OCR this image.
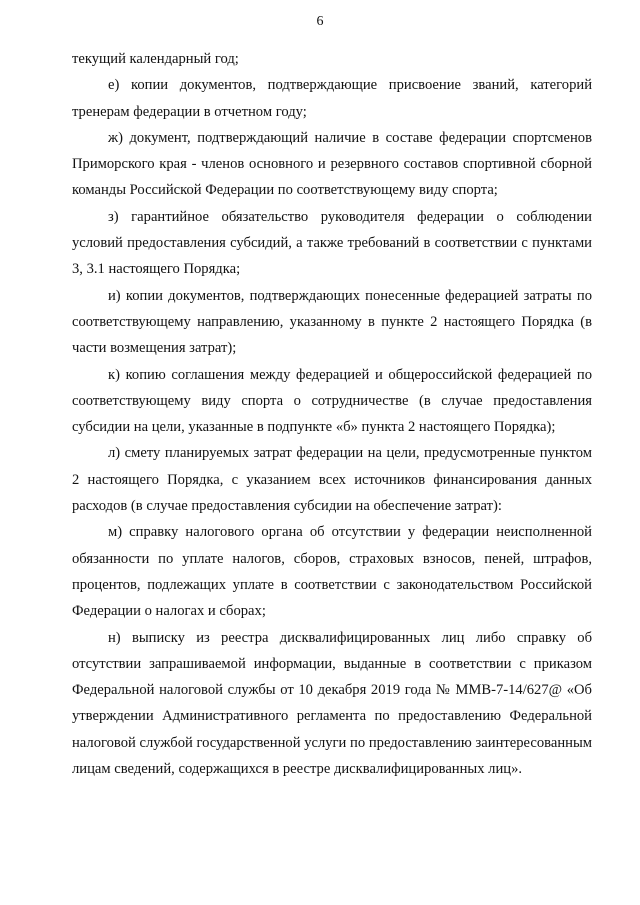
6

текущий календарный год;

е) копии документов, подтверждающие присвоение званий, категорий тренерам федерации в отчетном году;

ж) документ, подтверждающий наличие в составе федерации спортсменов Приморского края - членов основного и резервного составов спортивной сборной команды Российской Федерации по соответствующему виду спорта;

з) гарантийное обязательство руководителя федерации о соблюдении условий предоставления субсидий, а также требований в соответствии с пунктами 3, 3.1 настоящего Порядка;

и) копии документов, подтверждающих понесенные федерацией затраты по соответствующему направлению, указанному в пункте 2 настоящего Порядка (в части возмещения затрат);

к) копию соглашения между федерацией и общероссийской федерацией по соответствующему виду спорта о сотрудничестве (в случае предоставления субсидии на цели, указанные в подпункте «б» пункта 2 настоящего Порядка);

л) смету планируемых затрат федерации на цели, предусмотренные пунктом 2 настоящего Порядка, с указанием всех источников финансирования данных расходов (в случае предоставления субсидии на обеспечение затрат):

м) справку налогового органа об отсутствии у федерации неисполненной обязанности по уплате налогов, сборов, страховых взносов, пеней, штрафов, процентов, подлежащих уплате в соответствии с законодательством Российской Федерации о налогах и сборах;

н) выписку из реестра дисквалифицированных лиц либо справку об отсутствии запрашиваемой информации, выданные в соответствии с приказом Федеральной налоговой службы от 10 декабря 2019 года № ММВ-7-14/627@ «Об утверждении Административного регламента по предоставлению Федеральной налоговой службой государственной услуги по предоставлению заинтересованным лицам сведений, содержащихся в реестре дисквалифицированных лиц».
